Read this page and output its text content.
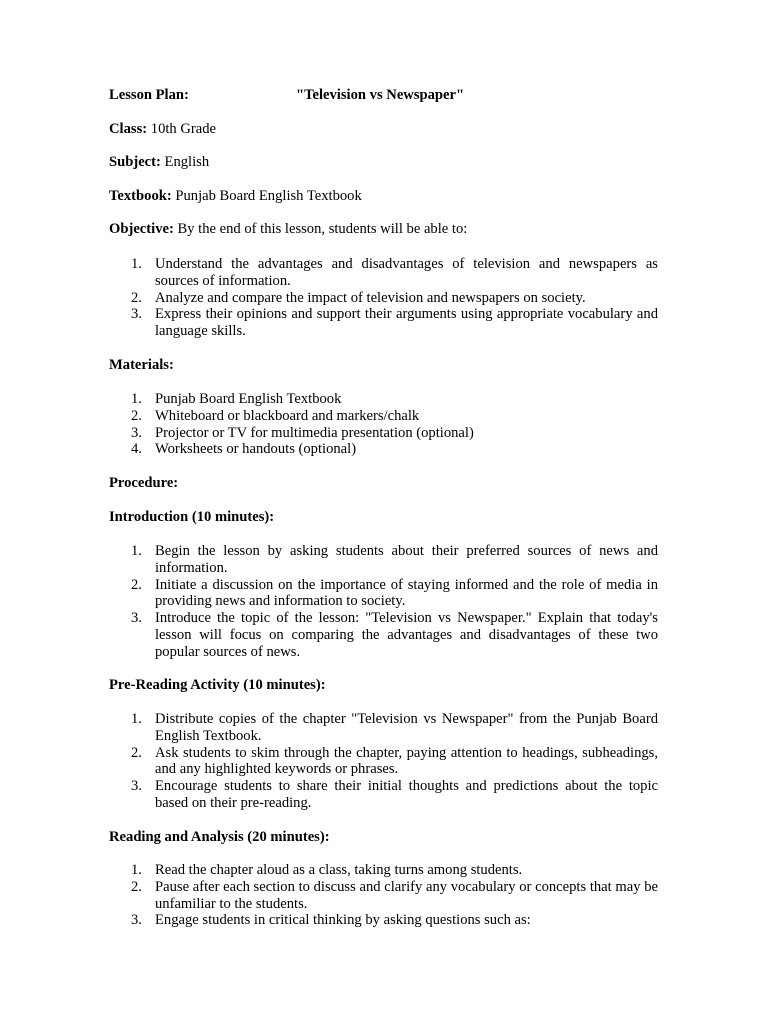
Lesson Plan:	"Television vs Newspaper"
Class: 10th Grade
Subject: English
Textbook: Punjab Board English Textbook
Objective: By the end of this lesson, students will be able to:
1. Understand the advantages and disadvantages of television and newspapers as sources of information.
2. Analyze and compare the impact of television and newspapers on society.
3. Express their opinions and support their arguments using appropriate vocabulary and language skills.
Materials:
1. Punjab Board English Textbook
2. Whiteboard or blackboard and markers/chalk
3. Projector or TV for multimedia presentation (optional)
4. Worksheets or handouts (optional)
Procedure:
Introduction (10 minutes):
1. Begin the lesson by asking students about their preferred sources of news and information.
2. Initiate a discussion on the importance of staying informed and the role of media in providing news and information to society.
3. Introduce the topic of the lesson: "Television vs Newspaper." Explain that today's lesson will focus on comparing the advantages and disadvantages of these two popular sources of news.
Pre-Reading Activity (10 minutes):
1. Distribute copies of the chapter "Television vs Newspaper" from the Punjab Board English Textbook.
2. Ask students to skim through the chapter, paying attention to headings, subheadings, and any highlighted keywords or phrases.
3. Encourage students to share their initial thoughts and predictions about the topic based on their pre-reading.
Reading and Analysis (20 minutes):
1. Read the chapter aloud as a class, taking turns among students.
2. Pause after each section to discuss and clarify any vocabulary or concepts that may be unfamiliar to the students.
3. Engage students in critical thinking by asking questions such as:
